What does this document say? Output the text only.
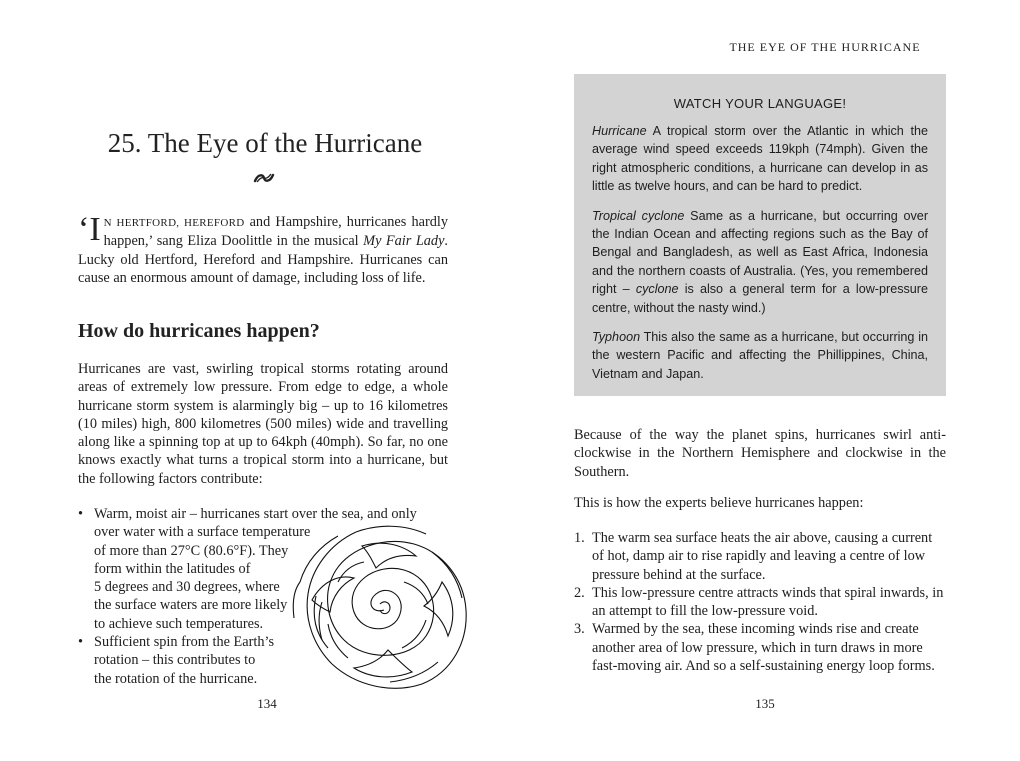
25. The Eye of the Hurricane
‘IN HERTFORD, HEREFORD and Hampshire, hurricanes hardly happen,’ sang Eliza Doolittle in the musical My Fair Lady. Lucky old Hertford, Hereford and Hampshire. Hurricanes can cause an enormous amount of damage, including loss of life.
How do hurricanes happen?
Hurricanes are vast, swirling tropical storms rotating around areas of extremely low pressure. From edge to edge, a whole hurricane storm system is alarmingly big – up to 16 kilometres (10 miles) high, 800 kilometres (500 miles) wide and travelling along like a spinning top at up to 64kph (40mph). So far, no one knows exactly what turns a tropical storm into a hurricane, but the following factors contribute:
• Warm, moist air – hurricanes start over the sea, and only
over water with a surface temperature
of more than 27°C (80.6°F). They
form within the latitudes of
5 degrees and 30 degrees, where
the surface waters are more likely
to achieve such temperatures.
• Sufficient spin from the Earth’s
rotation – this contributes to
the rotation of the hurricane.
134
THE EYE OF THE HURRICANE
WATCH YOUR LANGUAGE!

Hurricane A tropical storm over the Atlantic in which the average wind speed exceeds 119kph (74mph). Given the right atmospheric conditions, a hurricane can develop in as little as twelve hours, and can be hard to predict.

Tropical cyclone Same as a hurricane, but occurring over the Indian Ocean and affecting regions such as the Bay of Bengal and Bangladesh, as well as East Africa, Indonesia and the northern coasts of Australia. (Yes, you remembered right – cyclone is also a general term for a low-pressure centre, without the nasty wind.)

Typhoon This also the same as a hurricane, but occurring in the western Pacific and affecting the Phillippines, China, Vietnam and Japan.

Because of the way the planet spins, hurricanes swirl anticlockwise in the Northern Hemisphere and clockwise in the Southern.
This is how the experts believe hurricanes happen:
1. The warm sea surface heats the air above, causing a current of hot, damp air to rise rapidly and leaving a centre of low pressure behind at the surface.
2. This low-pressure centre attracts winds that spiral inwards, in an attempt to fill the low-pressure void.
3. Warmed by the sea, these incoming winds rise and create another area of low pressure, which in turn draws in more fast-moving air. And so a self-sustaining energy loop forms.
135
